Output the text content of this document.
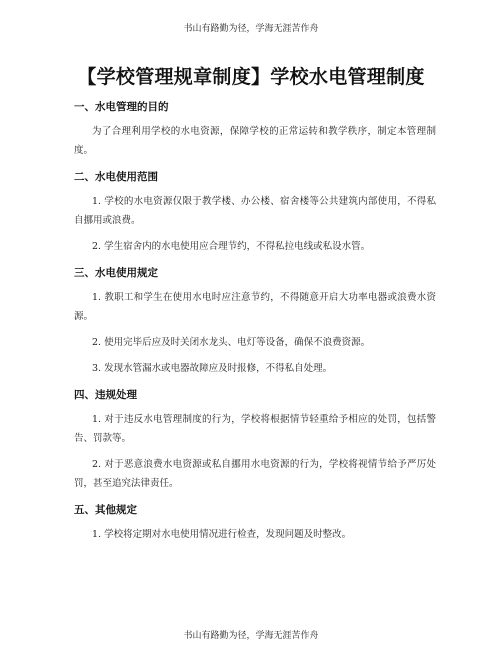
书山有路勤为径，学海无涯苦作舟
【学校管理规章制度】学校水电管理制度
一、水电管理的目的

为了合理利用学校的水电资源，保障学校的正常运转和教学秩序，制定本管理制度。

二、水电使用范围

1. 学校的水电资源仅限于教学楼、办公楼、宿舍楼等公共建筑内部使用，不得私自挪用或浪费。

2. 学生宿舍内的水电使用应合理节约，不得私拉电线或私设水管。

三、水电使用规定

1. 教职工和学生在使用水电时应注意节约，不得随意开启大功率电器或浪费水资源。

2. 使用完毕后应及时关闭水龙头、电灯等设备，确保不浪费资源。

3. 发现水管漏水或电器故障应及时报修，不得私自处理。

四、违规处理

1. 对于违反水电管理制度的行为，学校将根据情节轻重给予相应的处罚，包括警告、罚款等。

2. 对于恶意浪费水电资源或私自挪用水电资源的行为，学校将视情节给予严厉处罚，甚至追究法律责任。

五、其他规定

1. 学校将定期对水电使用情况进行检查，发现问题及时整改。

书山有路勤为径，学海无涯苦作舟
